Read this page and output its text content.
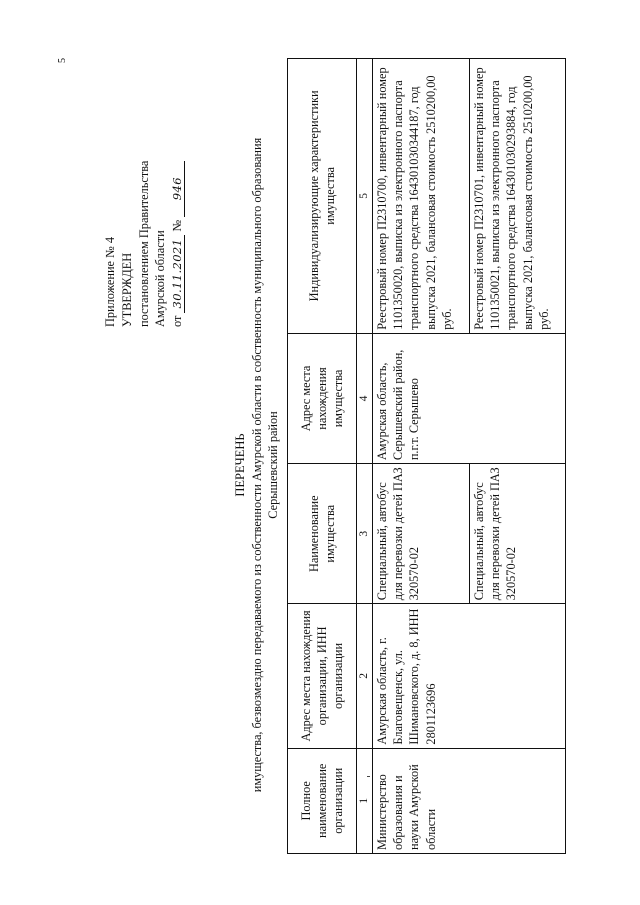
5
Приложение № 4 УТВЕРЖДЕН постановлением Правительства Амурской области от 30.11.2021 № 946
ПЕРЕЧЕНЬ имущества, безвозмездно передаваемого из собственности Амурской области в собственность муниципального образования Серышевский район
Полное наименование организации	Адрес места нахождения организации, ИНН организации	Наименование имущества	Адрес места нахождения имущества	Индивидуализирующие характеристики имущества
1	2	3	4	5
Министерство образования и науки Амурской области	Амурская область, г. Благовещенск, ул. Шимановского, д. 8, ИНН 2801123696	Специальный, автобус для перевозки детей ПАЗ 320570-02	Амурская область, Серышевский район, п.г.т. Серышево	Реестровый номер П2310700, инвентарный номер 1101350020, выписка из электронного паспорта транспортного средства 164301030344187, год выпуска 2021, балансовая стоимость 2510200,00 руб.
		Специальный, автобус для перевозки детей ПАЗ 320570-02		Реестровый номер П2310701, инвентарный номер 1101350021, выписка из электронного паспорта транспортного средства 164301030293884, год выпуска 2021, балансовая стоимость 2510200,00 руб.
